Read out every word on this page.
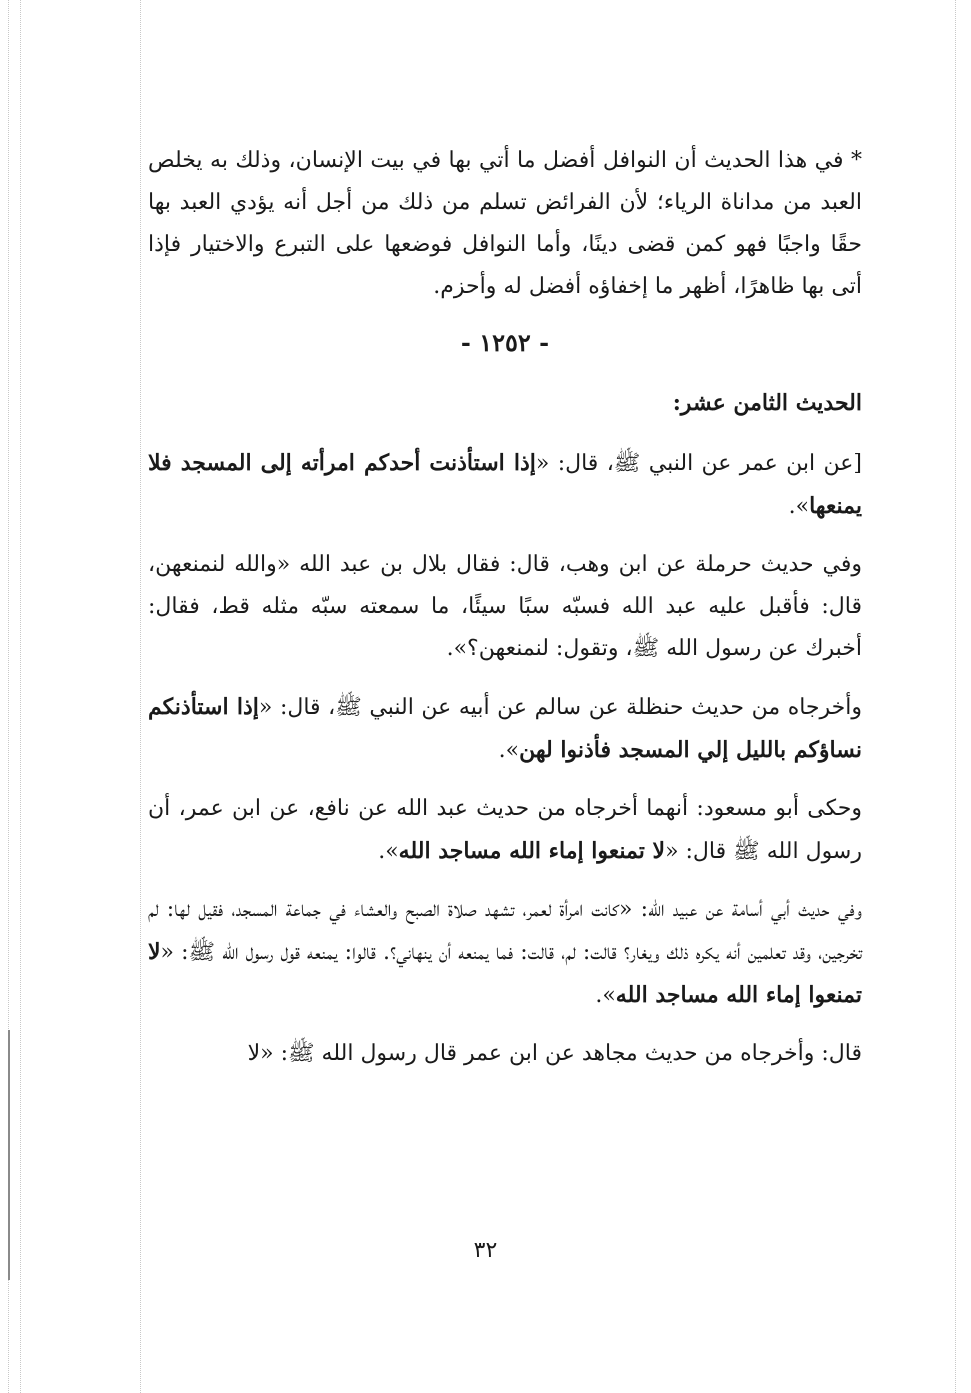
* في هذا الحديث أن النوافل أفضل ما أتي بها في بيت الإنسان، وذلك به يخلص العبد من مداناة الرياء؛ لأن الفرائض تسلم من ذلك من أجل أنه يؤدي العبد بها حقًا واجبًا فهو كمن قضى دينًا، وأما النوافل فوضعها على التبرع والاختيار فإذا أتى بها ظاهرًا، أظهر ما إخفاؤه أفضل له وأحزم.

- ١٢٥٢ -

الحديث الثامن عشر:

[عن ابن عمر عن النبي ﷺ، قال: «إذا استأذنت أحدكم امرأته إلى المسجد فلا يمنعها».

وفي حديث حرملة عن ابن وهب، قال: فقال بلال بن عبد الله «والله لنمنعهن، قال: فأقبل عليه عبد الله فسبّه سبًا سيئًا، ما سمعته سبّه مثله قط، فقال: أخبرك عن رسول الله ﷺ، وتقول: لنمنعهن؟».

وأخرجاه من حديث حنظلة عن سالم عن أبيه عن النبي ﷺ، قال: «إذا استأذنكم نساؤكم بالليل إلي المسجد فأذنوا لهن».

وحكى أبو مسعود: أنهما أخرجاه من حديث عبد الله عن نافع، عن ابن عمر، أن رسول الله ﷺ قال: «لا تمنعوا إماء الله مساجد الله».

وفي حديث أبي أسامة عن عبيد الله: «كانت امرأة لعمر، تشهد صلاة الصبح والعشاء في جماعة المسجد، فقيل لها: لم تخرجين، وقد تعلمين أنه يكره ذلك ويغار؟ قالت: لم، قالت: فما يمنعه أن ينهاني؟. قالوا: يمنعه قول رسول الله ﷺ: «لا تمنعوا إماء الله مساجد الله».

قال: وأخرجاه من حديث مجاهد عن ابن عمر قال رسول الله ﷺ: «لا

٣٢
